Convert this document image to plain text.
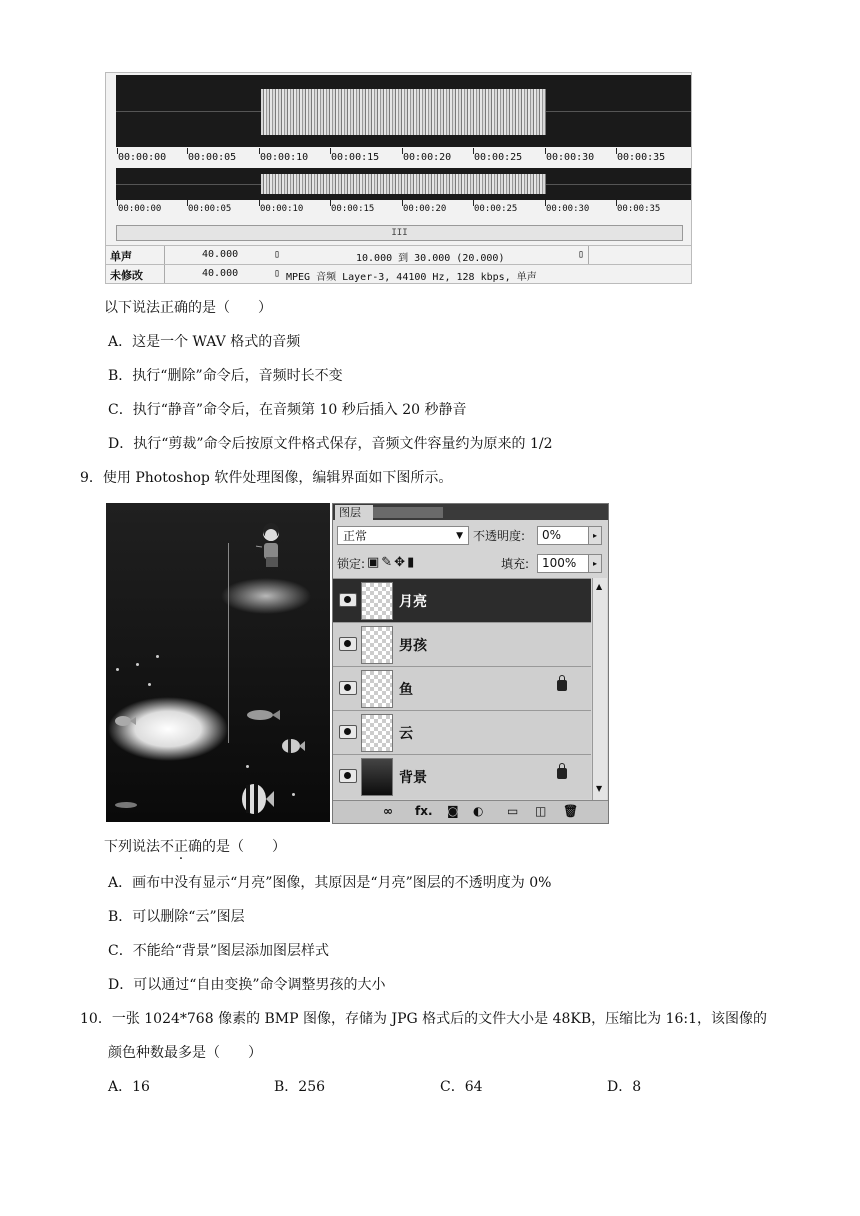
00:00:00 00:00:05 00:00:10 00:00:15 00:00:20 00:00:25 00:00:30 00:00:35
00:00:00	00:00:05	00:00:10	00:00:15	00:00:20	00:00:25	00:00:30	00:00:35
III
单声	40.000	▯	10.000 到 30.000 (20.000)	▯
未修改	40.000	▯ MPEG 音频 Layer-3, 44100 Hz, 128 kbps, 单声
以下说法正确的是（　　）
A．这是一个 WAV 格式的音频
B．执行“删除”命令后，音频时长不变
C．执行“静音”命令后，在音频第 10 秒后插入 20 秒静音
D．执行“剪裁”命令后按原文件格式保存，音频文件容量约为原来的 1/2
9．使用 Photoshop 软件处理图像，编辑界面如下图所示。
图层
正常	▼ 不透明度:	0%	▸
锁定: ▣✎✥▮	填充:	100%	▸
月亮
男孩
鱼
云
背景
▲
▼
∞ fx. ◙ ◐ ▭ ◫ 🗑
下列说法不正确的是（　　）
A．画布中没有显示“月亮”图像，其原因是“月亮”图层的不透明度为 0%
B．可以删除“云”图层
C．不能给“背景”图层添加图层样式
D．可以通过“自由变换”命令调整男孩的大小
10．一张 1024*768 像素的 BMP 图像，存储为 JPG 格式后的文件大小是 48KB，压缩比为 16:1，该图像的
颜色种数最多是（　　）
A．16	B．256	C．64	D．8
